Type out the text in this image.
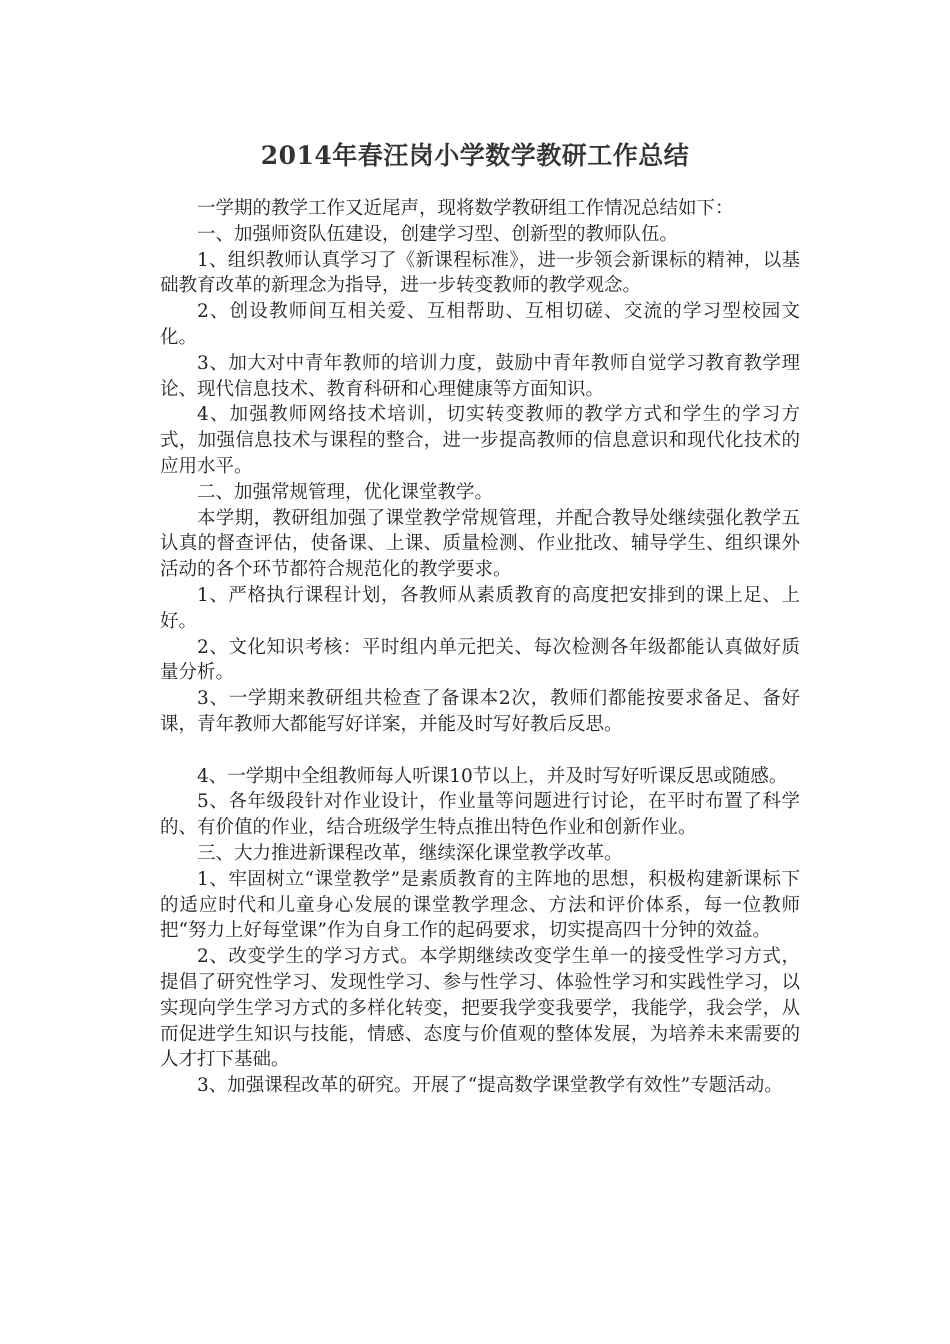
2014年春汪岗小学数学教研工作总结

一学期的教学工作又近尾声，现将数学教研组工作情况总结如下：

一、加强师资队伍建设，创建学习型、创新型的教师队伍。

1、组织教师认真学习了《新课程标准》，进一步领会新课标的精神，以基础教育改革的新理念为指导，进一步转变教师的教学观念。

2、创设教师间互相关爱、互相帮助、互相切磋、交流的学习型校园文化。

3、加大对中青年教师的培训力度，鼓励中青年教师自觉学习教育教学理论、现代信息技术、教育科研和心理健康等方面知识。

4、加强教师网络技术培训，切实转变教师的教学方式和学生的学习方式，加强信息技术与课程的整合，进一步提高教师的信息意识和现代化技术的应用水平。

二、加强常规管理，优化课堂教学。

本学期，教研组加强了课堂教学常规管理，并配合教导处继续强化教学五认真的督查评估，使备课、上课、质量检测、作业批改、辅导学生、组织课外活动的各个环节都符合规范化的教学要求。

1、严格执行课程计划，各教师从素质教育的高度把安排到的课上足、上好。

2、文化知识考核：平时组内单元把关、每次检测各年级都能认真做好质量分析。

3、一学期来教研组共检查了备课本2次，教师们都能按要求备足、备好课，青年教师大都能写好详案，并能及时写好教后反思。

4、一学期中全组教师每人听课10节以上，并及时写好听课反思或随感。

5、各年级段针对作业设计，作业量等问题进行讨论，在平时布置了科学的、有价值的作业，结合班级学生特点推出特色作业和创新作业。

三、大力推进新课程改革，继续深化课堂教学改革。

1、牢固树立“课堂教学”是素质教育的主阵地的思想，积极构建新课标下的适应时代和儿童身心发展的课堂教学理念、方法和评价体系，每一位教师把“努力上好每堂课”作为自身工作的起码要求，切实提高四十分钟的效益。

2、改变学生的学习方式。本学期继续改变学生单一的接受性学习方式，提倡了研究性学习、发现性学习、参与性学习、体验性学习和实践性学习，以实现向学生学习方式的多样化转变，把要我学变我要学，我能学，我会学，从而促进学生知识与技能，情感、态度与价值观的整体发展，为培养未来需要的人才打下基础。

3、加强课程改革的研究。开展了“提高数学课堂教学有效性”专题活动。
